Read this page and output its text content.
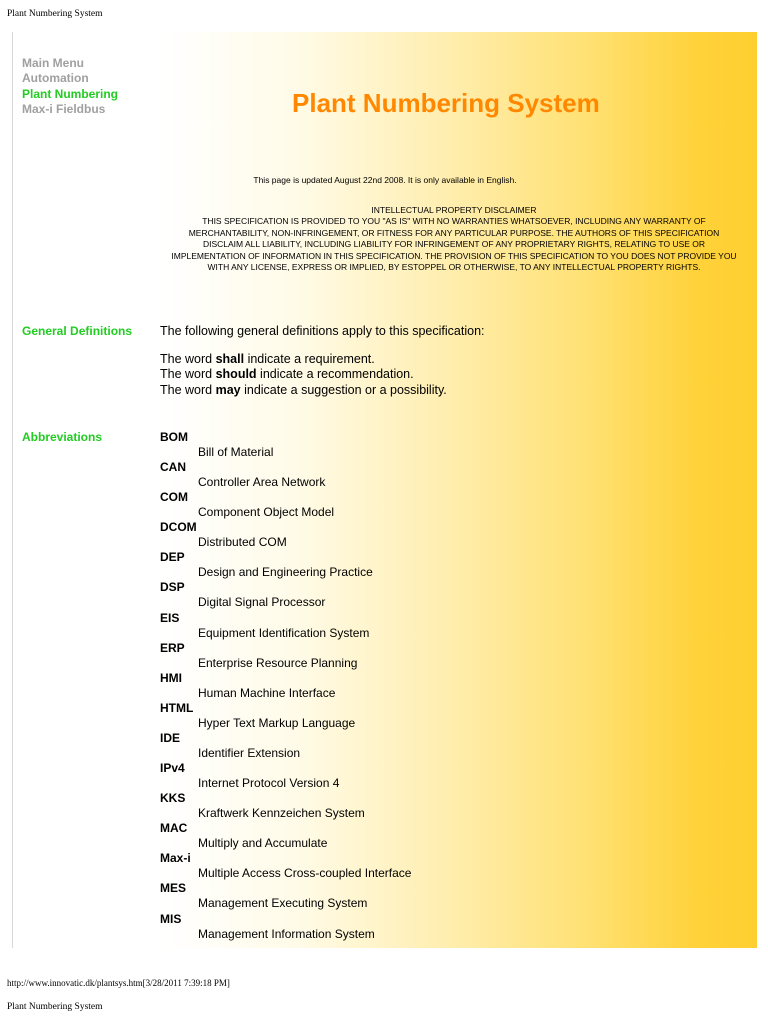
Plant Numbering System
Main Menu
Automation
Plant Numbering
Max-i Fieldbus	Plant Numbering System
This page is updated August 22nd 2008. It is only available in English.
INTELLECTUAL PROPERTY DISCLAIMER
THIS SPECIFICATION IS PROVIDED TO YOU "AS IS" WITH NO WARRANTIES WHATSOEVER, INCLUDING ANY WARRANTY OF
MERCHANTABILITY, NON-INFRINGEMENT, OR FITNESS FOR ANY PARTICULAR PURPOSE. THE AUTHORS OF THIS SPECIFICATION
DISCLAIM ALL LIABILITY, INCLUDING LIABILITY FOR INFRINGEMENT OF ANY PROPRIETARY RIGHTS, RELATING TO USE OR
IMPLEMENTATION OF INFORMATION IN THIS SPECIFICATION. THE PROVISION OF THIS SPECIFICATION TO YOU DOES NOT PROVIDE YOU
WITH ANY LICENSE, EXPRESS OR IMPLIED, BY ESTOPPEL OR OTHERWISE, TO ANY INTELLECTUAL PROPERTY RIGHTS.
General Definitions The following general definitions apply to this specification:
The word shall indicate a requirement.
The word should indicate a recommendation.
The word may indicate a suggestion or a possibility.
Abbreviations	BOM
Bill of Material
CAN
Controller Area Network
COM
Component Object Model
DCOM
Distributed COM
DEP
Design and Engineering Practice
DSP
Digital Signal Processor
EIS
Equipment Identification System
ERP
Enterprise Resource Planning
HMI
Human Machine Interface
HTML
Hyper Text Markup Language
IDE
Identifier Extension
IPv4
Internet Protocol Version 4
KKS
Kraftwerk Kennzeichen System
MAC
Multiply and Accumulate
Max-i
Multiple Access Cross-coupled Interface
MES
Management Executing System
MIS
Management Information System
http://www.innovatic.dk/plantsys.htm[3/28/2011 7:39:18 PM]
Plant Numbering System
